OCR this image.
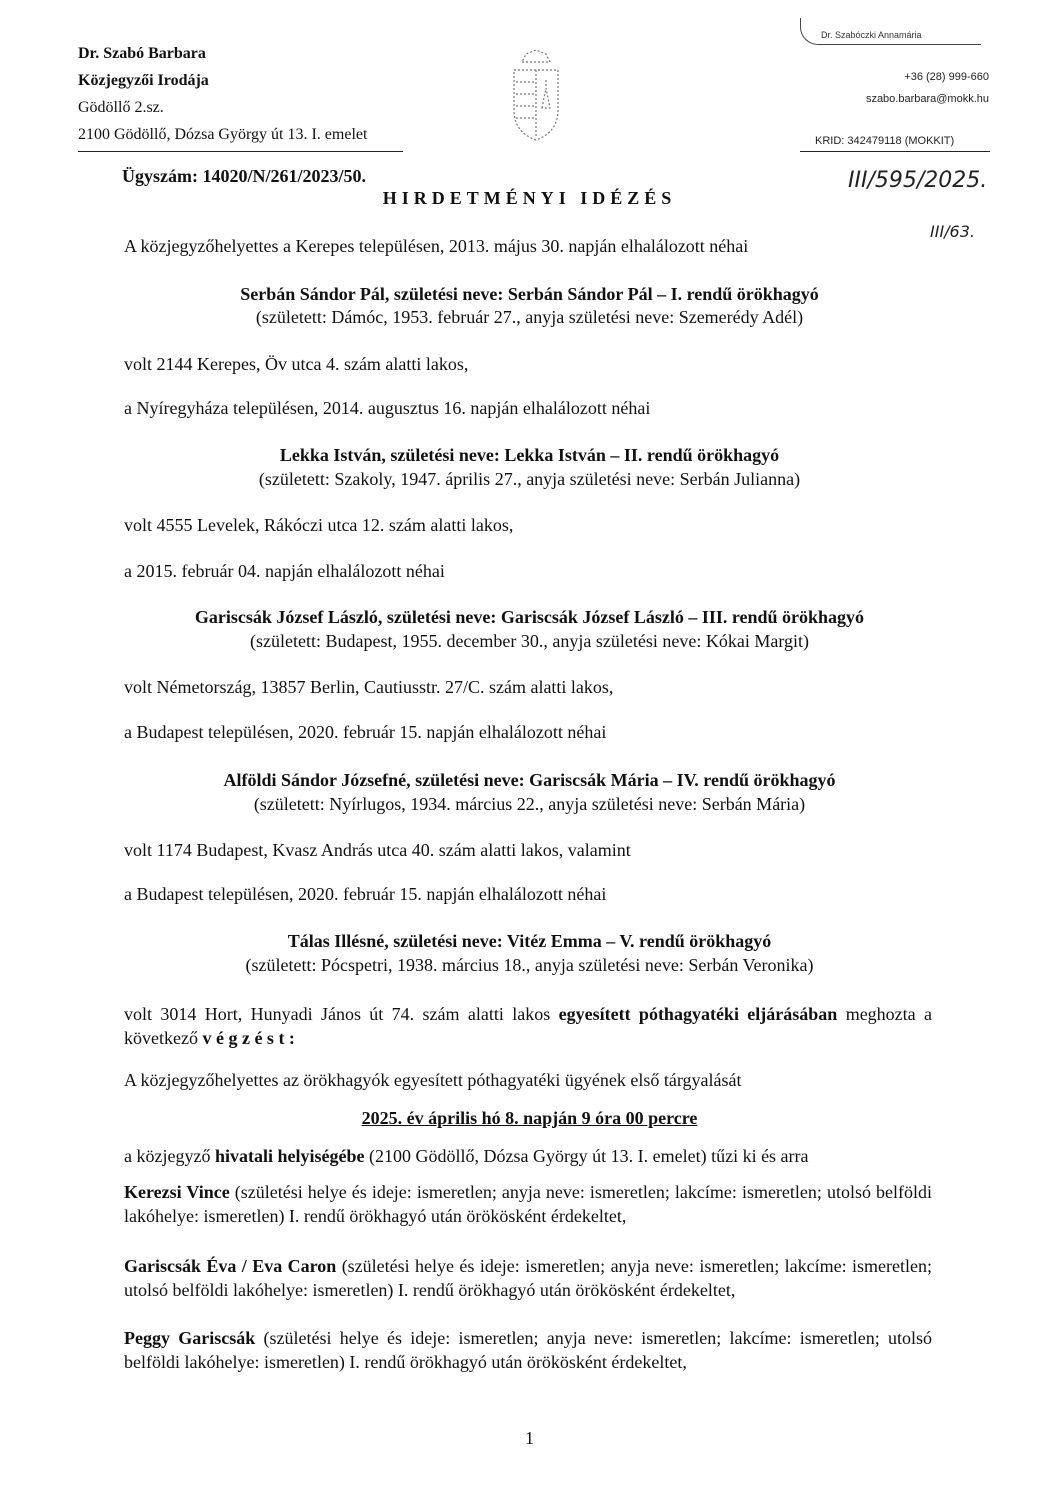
Dr. Szabó Barbara
Közjegyzői Irodája
Gödöllő 2.sz.
2100 Gödöllő, Dózsa György út 13. I. emelet
Dr. Szabóczki Annamária
+36 (28) 999-660
szabo.barbara@mokk.hu
KRID: 342479118 (MOKKIT)
III/595/2025.
III/63.
Ügyszám: 14020/N/261/2023/50.
HIRDETMÉNYI IDÉZÉS
A közjegyzőhelyettes a Kerepes településen, 2013. május 30. napján elhalálozott néhai
Serbán Sándor Pál, születési neve: Serbán Sándor Pál – I. rendű örökhagyó
(született: Dámóc, 1953. február 27., anyja születési neve: Szemerédy Adél)
volt 2144 Kerepes, Öv utca 4. szám alatti lakos,
a Nyíregyháza településen, 2014. augusztus 16. napján elhalálozott néhai
Lekka István, születési neve: Lekka István – II. rendű örökhagyó
(született: Szakoly, 1947. április 27., anyja születési neve: Serbán Julianna)
volt 4555 Levelek, Rákóczi utca 12. szám alatti lakos,
a 2015. február 04. napján elhalálozott néhai
Gariscsák József László, születési neve: Gariscsák József László – III. rendű örökhagyó
(született: Budapest, 1955. december 30., anyja születési neve: Kókai Margit)
volt Németország, 13857 Berlin, Cautiusstr. 27/C. szám alatti lakos,
a Budapest településen, 2020. február 15. napján elhalálozott néhai
Alföldi Sándor Józsefné, születési neve: Gariscsák Mária – IV. rendű örökhagyó
(született: Nyírlugos, 1934. március 22., anyja születési neve: Serbán Mária)
volt 1174 Budapest, Kvasz András utca 40. szám alatti lakos, valamint
a Budapest településen, 2020. február 15. napján elhalálozott néhai
Tálas Illésné, születési neve: Vitéz Emma – V. rendű örökhagyó
(született: Pócspetri, 1938. március 18., anyja születési neve: Serbán Veronika)
volt 3014 Hort, Hunyadi János út 74. szám alatti lakos egyesített póthagyatéki eljárásában meghozta a következő v é g z é s t :
A közjegyzőhelyettes az örökhagyók egyesített póthagyatéki ügyének első tárgyalását
2025. év április hó 8. napján 9 óra 00 percre
a közjegyző hivatali helyiségébe (2100 Gödöllő, Dózsa György út 13. I. emelet) tűzi ki és arra
Kerezsi Vince (születési helye és ideje: ismeretlen; anyja neve: ismeretlen; lakcíme: ismeretlen; utolsó belföldi lakóhelye: ismeretlen) I. rendű örökhagyó után örökösként érdekeltet,
Gariscsák Éva / Eva Caron (születési helye és ideje: ismeretlen; anyja neve: ismeretlen; lakcíme: ismeretlen; utolsó belföldi lakóhelye: ismeretlen) I. rendű örökhagyó után örökösként érdekeltet,
Peggy Gariscsák (születési helye és ideje: ismeretlen; anyja neve: ismeretlen; lakcíme: ismeretlen; utolsó belföldi lakóhelye: ismeretlen) I. rendű örökhagyó után örökösként érdekeltet,
1
